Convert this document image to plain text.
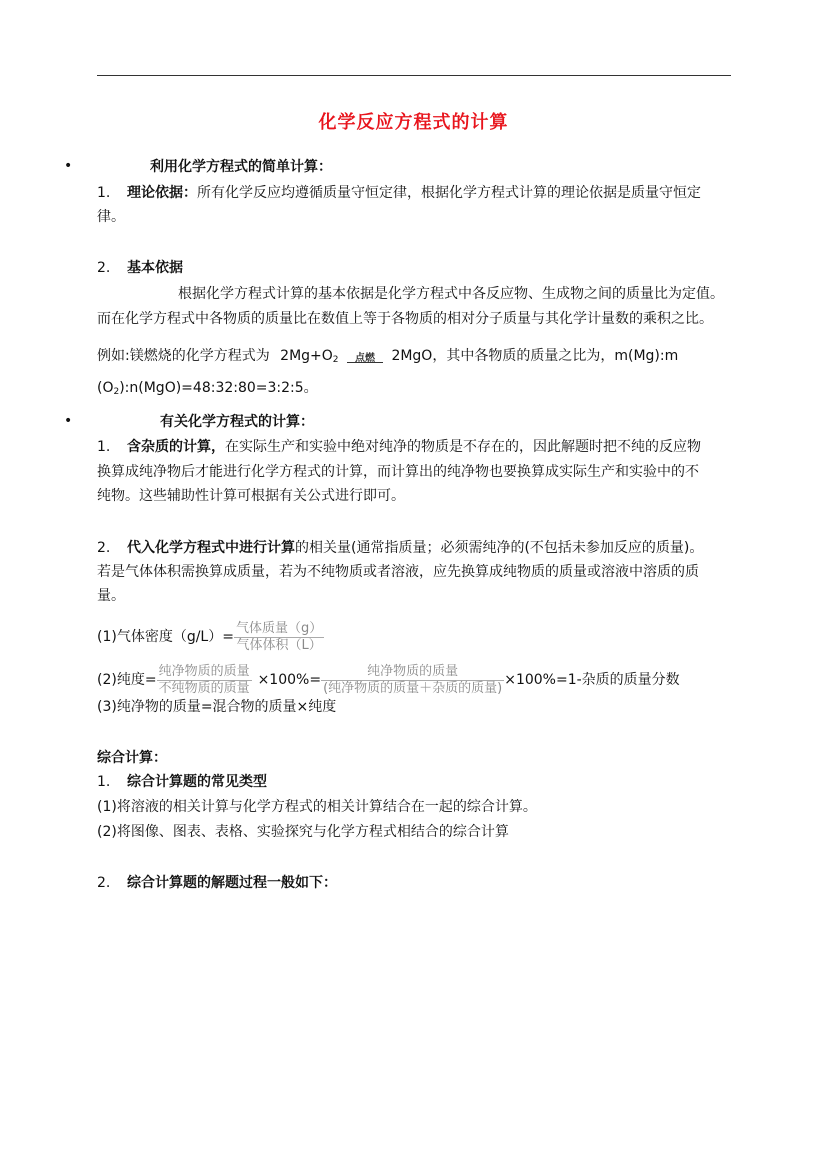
化学反应方程式的计算
•	利用化学方程式的简单计算：
1. 理论依据：所有化学反应均遵循质量守恒定律，根据化学方程式计算的理论依据是质量守恒定
律。
2. 基本依据
根据化学方程式计算的基本依据是化学方程式中各反应物、生成物之间的质量比为定值。
而在化学方程式中各物质的质量比在数值上等于各物质的相对分子质量与其化学计量数的乘积之比。
例如:镁燃烧的化学方程式为 $2Mg+O_2$	点燃	2MgO，其中各物质的质量之比为，m(Mg):m
$(O_2):n(MgO)=48:32:80=3:2:5$。
•	有关化学方程式的计算：
1. 含杂质的计算，在实际生产和实验中绝对纯净的物质是不存在的，因此解题时把不纯的反应物
换算成纯净物后才能进行化学方程式的计算，而计算出的纯净物也要换算成实际生产和实验中的不
纯物。这些辅助性计算可根据有关公式进行即可。
2. 代入化学方程式中进行计算的相关量(通常指质量；必须需纯净的(不包括未参加反应的质量)。
若是气体体积需换算成质量，若为不纯物质或者溶液，应先换算成纯物质的质量或溶液中溶质的质
量。
(1)气体密度$(g/L)= \frac{\text{气体质量（g）}}{\text{气体体积（L）}}$
(2)纯度= $\frac{\text{纯净物质的质量}}{\text{不纯物质的质量}} \times 100\%= \frac{\text{纯净物质的质量}}{\text{(纯净物质的质量＋杂质的质量)}} \times 100\%=1-$杂质的质量分数
(3)纯净物的质量=混合物的质量×纯度
综合计算：
1. 综合计算题的常见类型
(1)将溶液的相关计算与化学方程式的相关计算结合在一起的综合计算。
(2)将图像、图表、表格、实验探究与化学方程式相结合的综合计算
2. 综合计算题的解题过程一般如下：
